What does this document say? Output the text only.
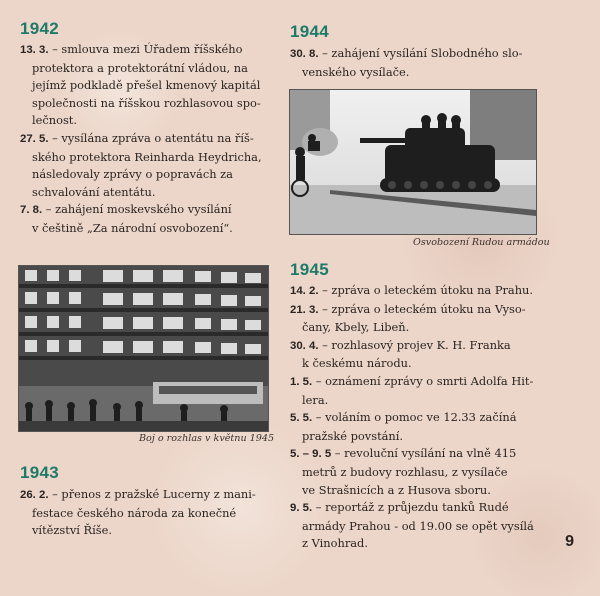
1942

13. 3. – smlouva mezi Úřadem říšského

protektora a protektorátní vládou, na

jejímž podkladě přešel kmenový kapitál

společnosti na říšskou rozhlasovou spo-

lečnost.

27. 5. – vysílána zpráva o atentátu na říš-

ského protektora Reinharda Heydricha,

následovaly zprávy o popravách za

schvalování atentátu.

7. 8. – zahájení moskevského vysílání

v češtině „Za národní osvobození“.

Boj o rozhlas v květnu 1945
1943

26. 2. – přenos z pražské Lucerny z mani-

festace českého národa za konečné

vítězství Říše.

1944

30. 8. – zahájení vysílání Slobodného slo-

venského vysílače.

Osvobození Rudou armádou
1945

14. 2. – zpráva o leteckém útoku na Prahu.

21. 3. – zpráva o leteckém útoku na Vyso-

čany, Kbely, Libeň.

30. 4. – rozhlasový projev K. H. Franka

k českému národu.

1. 5. – oznámení zprávy o smrti Adolfa Hit-

lera.

5. 5. – voláním o pomoc ve 12.33 začíná

pražské povstání.

5. – 9. 5 – revoluční vysílání na vlně 415

metrů z budovy rozhlasu, z vysílače

ve Strašnicích a z Husova sboru.

9. 5. – reportáž z průjezdu tanků Rudé

armády Prahou - od 19.00 se opět vysílá

z Vinohrad.	9
